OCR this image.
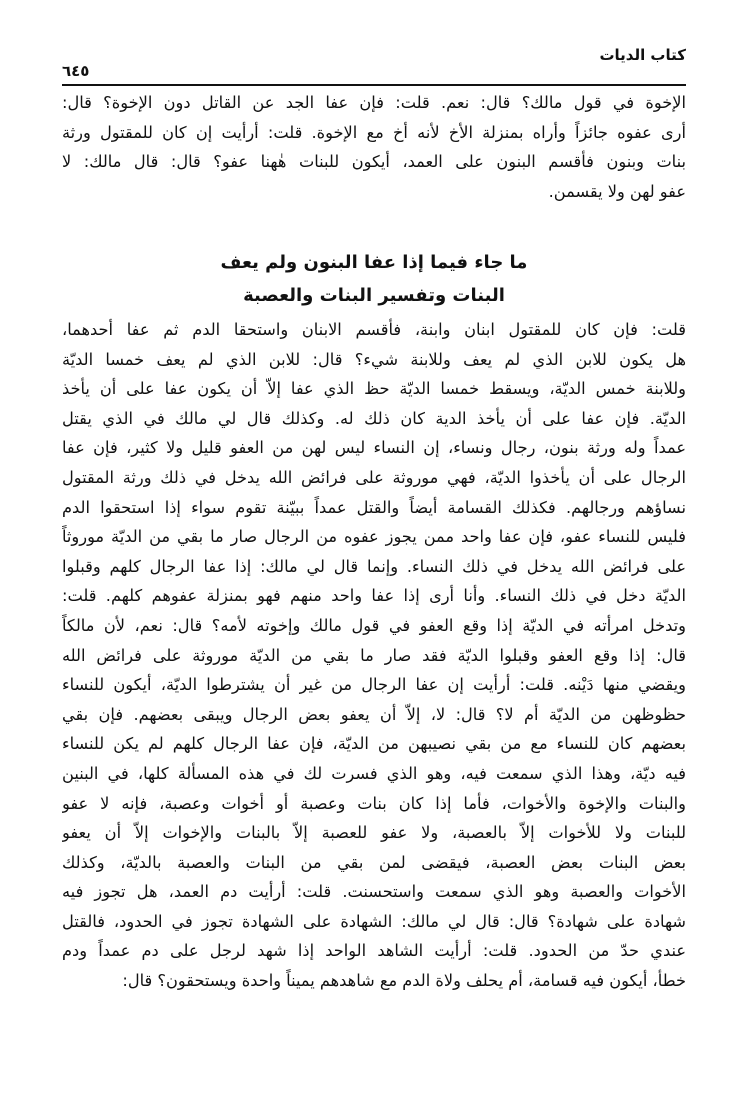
كتاب الديات
٦٤٥
الإخوة في قول مالك؟ قال: نعم. قلت: فإن عفا الجد عن القاتل دون الإخوة؟ قال:
أرى عفوه جائزاً وأراه بمنزلة الأخ لأنه أخ مع الإخوة. قلت: أرأيت إن كان للمقتول ورثة
بنات وبنون فأقسم البنون على العمد، أيكون للبنات هٰهنا عفو؟ قال: قال مالك: لا
عفو لهن ولا يقسمن.
ما جاء فيما إذا عفا البنون ولم يعف
البنات وتفسير البنات والعصبة
قلت: فإن كان للمقتول ابنان وابنة، فأقسم الابنان واستحقا الدم ثم عفا أحدهما،
هل يكون للابن الذي لم يعف وللابنة شيء؟ قال: للابن الذي لم يعف خمسا الديّة
وللابنة خمس الديّة، ويسقط خمسا الديّة حظ الذي عفا إلاّ أن يكون عفا على أن يأخذ
الديّة. فإن عفا على أن يأخذ الدية كان ذلك له. وكذلك قال لي مالك في الذي يقتل
عمداً وله ورثة بنون، رجال ونساء، إن النساء ليس لهن من العفو قليل ولا كثير، فإن عفا
الرجال على أن يأخذوا الديّة، فهي موروثة على فرائض الله يدخل في ذلك ورثة المقتول
نساؤهم ورجالهم. فكذلك القسامة أيضاً والقتل عمداً ببيّنة تقوم سواء إذا استحقوا الدم
فليس للنساء عفو، فإن عفا واحد ممن يجوز عفوه من الرجال صار ما بقي من الديّة موروثاً
على فرائض الله يدخل في ذلك النساء. وإنما قال لي مالك: إذا عفا الرجال كلهم وقبلوا
الديّة دخل في ذلك النساء. وأنا أرى إذا عفا واحد منهم فهو بمنزلة عفوهم كلهم. قلت:
وتدخل امرأته في الديّة إذا وقع العفو في قول مالك وإخوته لأمه؟ قال: نعم، لأن مالكاً
قال: إذا وقع العفو وقبلوا الديّة فقد صار ما بقي من الديّة موروثة على فرائض الله
ويقضي منها دَيْنه. قلت: أرأيت إن عفا الرجال من غير أن يشترطوا الديّة، أيكون للنساء
حظوظهن من الديّة أم لا؟ قال: لا، إلاّ أن يعفو بعض الرجال ويبقى بعضهم. فإن بقي
بعضهم كان للنساء مع من بقي نصيبهن من الديّة، فإن عفا الرجال كلهم لم يكن للنساء
فيه ديّة، وهذا الذي سمعت فيه، وهو الذي فسرت لك في هذه المسألة كلها، في البنين
والبنات والإخوة والأخوات، فأما إذا كان بنات وعصبة أو أخوات وعصبة، فإنه لا عفو
للبنات ولا للأخوات إلاّ بالعصبة، ولا عفو للعصبة إلاّ بالبنات والإخوات إلاّ أن يعفو
بعض البنات بعض العصبة، فيقضى لمن بقي من البنات والعصبة بالديّة، وكذلك
الأخوات والعصبة وهو الذي سمعت واستحسنت. قلت: أرأيت دم العمد، هل تجوز فيه
شهادة على شهادة؟ قال: قال لي مالك: الشهادة على الشهادة تجوز في الحدود، فالقتل
عندي حدّ من الحدود. قلت: أرأيت الشاهد الواحد إذا شهد لرجل على دم عمداً ودم
خطأ، أيكون فيه قسامة، أم يحلف ولاة الدم مع شاهدهم يميناً واحدة ويستحقون؟ قال:
